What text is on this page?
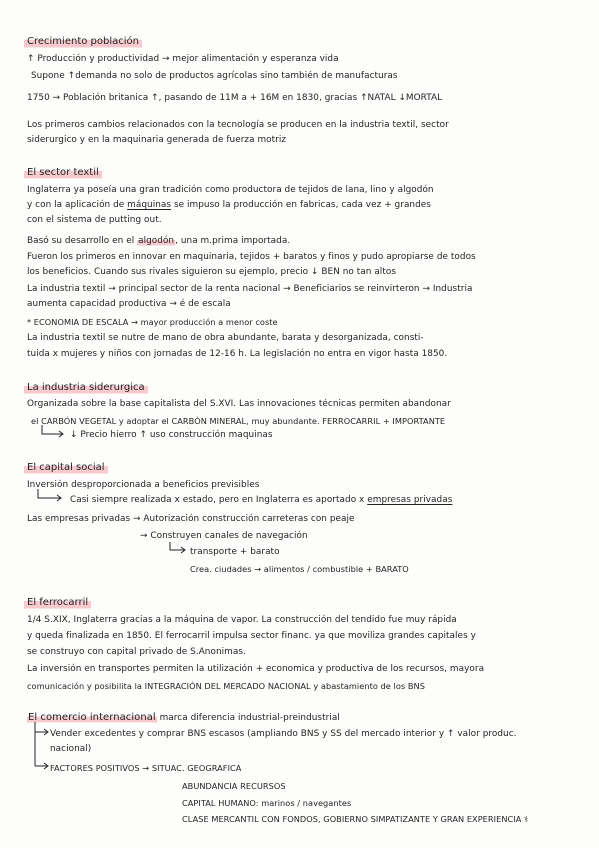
Crecimiento población
↑ Producción y productividad → mejor alimentación y esperanza vida
Supone ↑demanda no solo de productos agrícolas sino también de manufacturas
1750 → Población britanica ↑, pasando de 11M a + 16M en 1830, gracias ↑NATAL ↓MORTAL
Los primeros cambios relacionados con la tecnología se producen en la industria textil, sector
siderurgico y en la maquinaria generada de fuerza motriz
El sector textil
Inglaterra ya poseía una gran tradición como productora de tejidos de lana, lino y algodón
y con la aplicación de máquinas se impuso la producción en fabricas, cada vez + grandes
con el sistema de putting out.
Basó su desarrollo en el algodón, una m.prima importada.
Fueron los primeros en innovar en maquinaria, tejidos + baratos y finos y pudo apropiarse de todos
los beneficios. Cuando sus rivales siguieron su ejemplo, precio ↓ BEN no tan altos
La industria textil → principal sector de la renta nacional → Beneficiarios se reinvirteron → Industria
aumenta capacidad productiva → é de escala
* ECONOMIA DE ESCALA → mayor producción a menor coste
La industria textil se nutre de mano de obra abundante, barata y desorganizada, consti-
tuida x mujeres y niños con jornadas de 12-16 h. La legislación no entra en vigor hasta 1850.
La industria siderurgica
Organizada sobre la base capitalista del S.XVI. Las innovaciones técnicas permiten abandonar
el CARBÓN VEGETAL y adoptar el CARBÓN MINERAL, muy abundante. FERROCARRIL + IMPORTANTE
↓ Precio hierro ↑ uso construcción maquinas
El capital social
Inversión desproporcionada a beneficios previsibles
Casi siempre realizada x estado, pero en Inglaterra es aportado x empresas privadas
Las empresas privadas → Autorización construcción carreteras con peaje
→ Construyen canales de navegación
transporte + barato
Crea. ciudades → alimentos / combustible + BARATO
El ferrocarril
1/4 S.XIX, Inglaterra gracias a la máquina de vapor. La construcción del tendido fue muy rápida
y queda finalizada en 1850. El ferrocarril impulsa sector financ. ya que moviliza grandes capitales y
se construyo con capital privado de S.Anonimas.
La inversión en transportes permiten la utilización + economica y productiva de los recursos, mayora
comunicación y posibilita la INTEGRACIÓN DEL MERCADO NACIONAL y abastamiento de los BNS
El comercio internacional marca diferencia industrial-preindustrial
Vender excedentes y comprar BNS escasos (ampliando BNS y SS del mercado interior y ↑ valor produc.
nacional)
FACTORES POSITIVOS → SITUAC. GEOGRAFICA
ABUNDANCIA RECURSOS
CAPITAL HUMANO: marinos / navegantes
CLASE MERCANTIL CON FONDOS, GOBIERNO SIMPATIZANTE Y GRAN EXPERIENCIA ⚕
